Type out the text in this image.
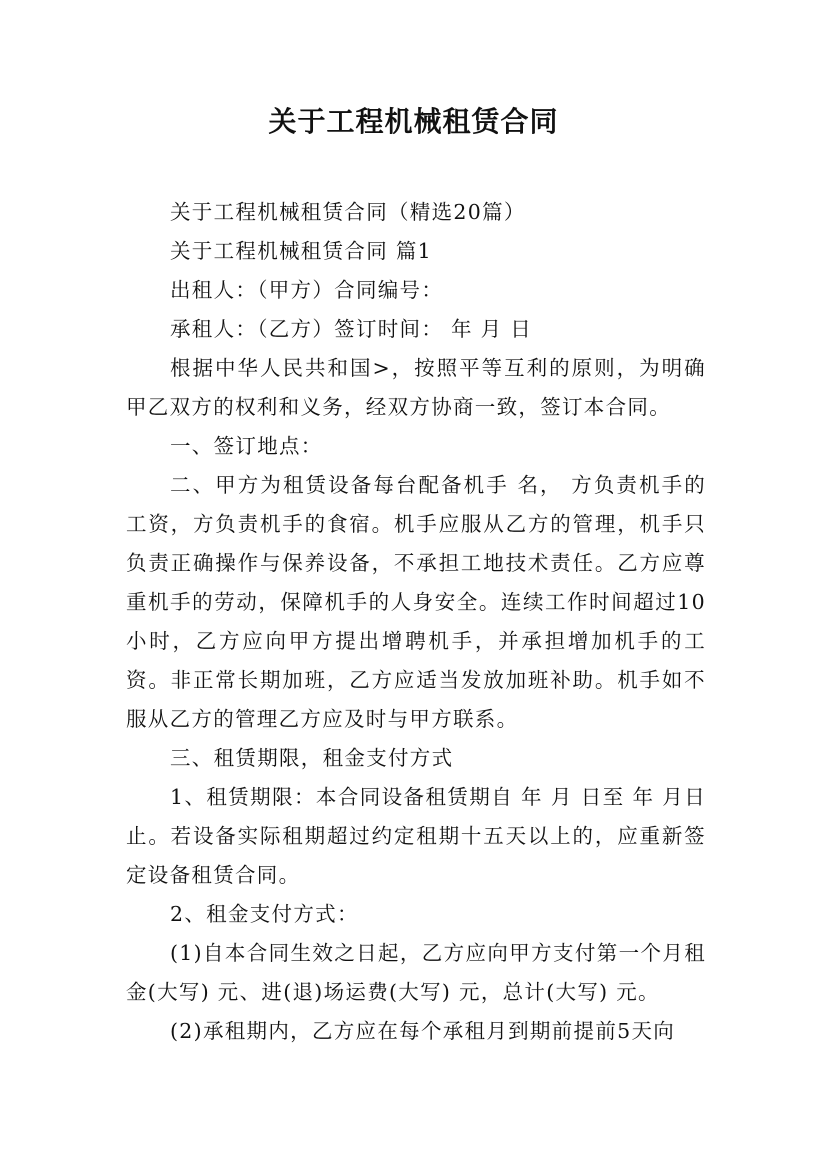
关于工程机械租赁合同

关于工程机械租赁合同（精选20篇）

关于工程机械租赁合同 篇1

出租人：（甲方）合同编号：

承租人：（乙方）签订时间： 年 月 日

根据中华人民共和国>，按照平等互利的原则，为明确甲乙双方的权利和义务，经双方协商一致，签订本合同。

一、签订地点：

二、甲方为租赁设备每台配备机手 名， 方负责机手的工资，方负责机手的食宿。机手应服从乙方的管理，机手只负责正确操作与保养设备，不承担工地技术责任。乙方应尊重机手的劳动，保障机手的人身安全。连续工作时间超过10小时，乙方应向甲方提出增聘机手，并承担增加机手的工资。非正常长期加班，乙方应适当发放加班补助。机手如不服从乙方的管理乙方应及时与甲方联系。

三、租赁期限，租金支付方式

1、租赁期限：本合同设备租赁期自 年 月 日至 年 月日止。若设备实际租期超过约定租期十五天以上的，应重新签定设备租赁合同。

2、租金支付方式：

(1)自本合同生效之日起，乙方应向甲方支付第一个月租金(大写) 元、进(退)场运费(大写) 元，总计(大写) 元。

(2)承租期内，乙方应在每个承租月到期前提前5天向
